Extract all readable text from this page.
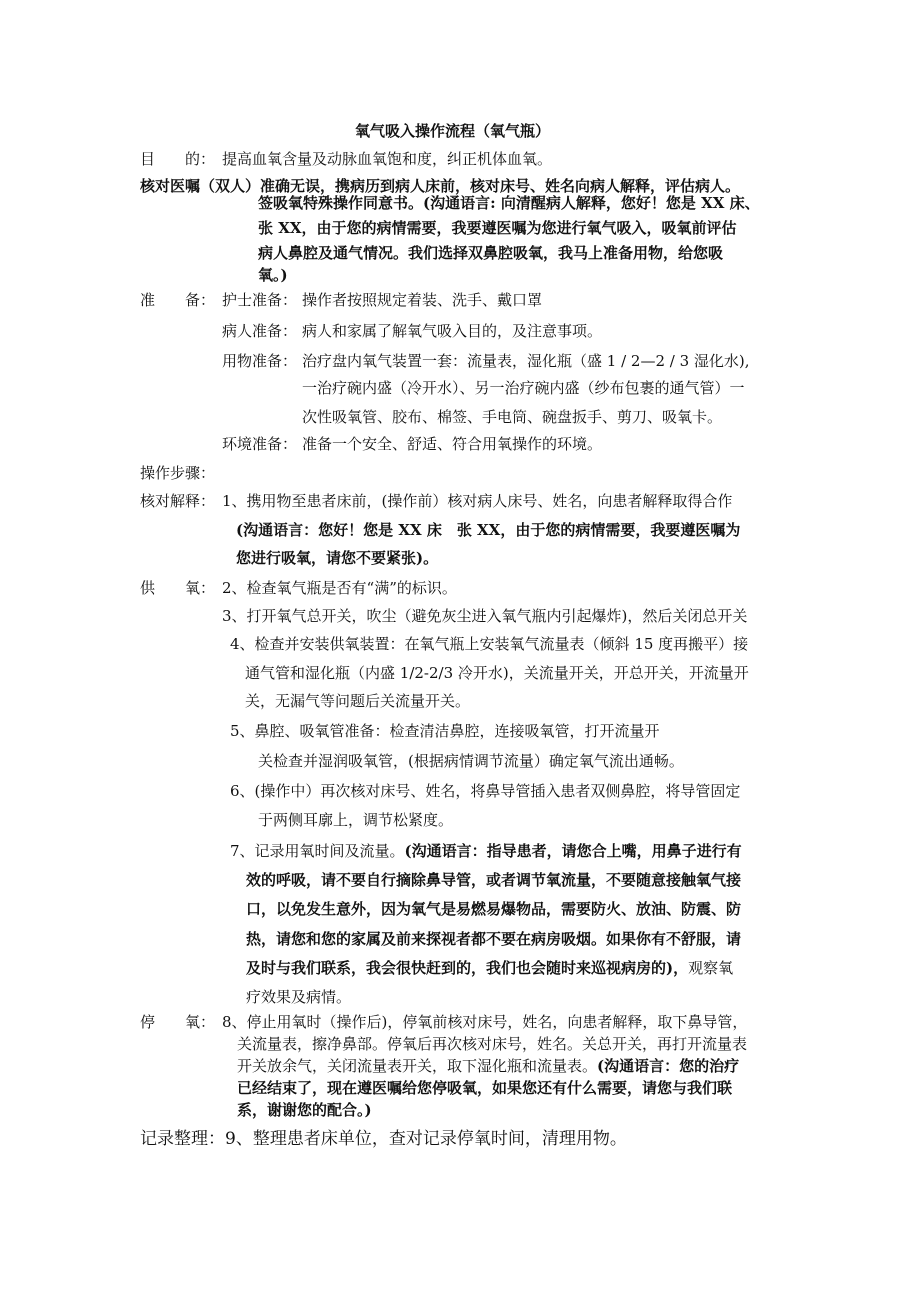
氧气吸入操作流程（氧气瓶）
目　　的： 提高血氧含量及动脉血氧饱和度，纠正机体血氧。
核对医嘱（双人）准确无误，携病历到病人床前，核对床号、姓名向病人解释，评估病人。
签吸氧特殊操作同意书。(沟通语言: 向清醒病人解释，您好！您是 XX 床、
张 XX，由于您的病情需要，我要遵医嘱为您进行氧气吸入，吸氧前评估
病人鼻腔及通气情况。我们选择双鼻腔吸氧，我马上准备用物，给您吸
氧。)
准　　备： 护士准备： 操作者按照规定着装、洗手、戴口罩
病人准备： 病人和家属了解氧气吸入目的，及注意事项。
用物准备： 治疗盘内氧气装置一套：流量表，湿化瓶（盛 1 / 2—2 / 3 湿化水),
一治疗碗内盛（冷开水）、另一治疗碗内盛（纱布包裹的通气管）一
次性吸氧管、胶布、棉签、手电筒、碗盘扳手、剪刀、吸氧卡。
环境准备： 准备一个安全、舒适、符合用氧操作的环境。
操作步骤：
核对解释： 1、携用物至患者床前，(操作前）核对病人床号、姓名，向患者解释取得合作
(沟通语言：您好！您是 XX 床　张 XX，由于您的病情需要，我要遵医嘱为
您进行吸氧，请您不要紧张)。
供　　氧： 2、检查氧气瓶是否有“满”的标识。
3、打开氧气总开关，吹尘（避免灰尘进入氧气瓶内引起爆炸)，然后关闭总开关
4、检查并安装供氧装置：在氧气瓶上安装氧气流量表（倾斜 15 度再搬平）接
通气管和湿化瓶（内盛 1/2-2/3 冷开水)，关流量开关，开总开关，开流量开
关，无漏气等问题后关流量开关。
5、鼻腔、吸氧管准备：检查清洁鼻腔，连接吸氧管，打开流量开
关检查并湿润吸氧管，(根据病情调节流量）确定氧气流出通畅。
6、(操作中）再次核对床号、姓名，将鼻导管插入患者双侧鼻腔，将导管固定
于两侧耳廓上，调节松紧度。
7、记录用氧时间及流量。(沟通语言：指导患者，请您合上嘴，用鼻子进行有
效的呼吸，请不要自行摘除鼻导管，或者调节氧流量，不要随意接触氧气接
口，以免发生意外，因为氧气是易燃易爆物品，需要防火、放油、防震、防
热，请您和您的家属及前来探视者都不要在病房吸烟。如果你有不舒服，请
及时与我们联系，我会很快赶到的，我们也会随时来巡视病房的)，观察氧
疗效果及病情。
停　　氧： 8、停止用氧时（操作后)，停氧前核对床号，姓名，向患者解释，取下鼻导管，
关流量表，擦净鼻部。停氧后再次核对床号，姓名。关总开关，再打开流量表
开关放余气，关闭流量表开关，取下湿化瓶和流量表。(沟通语言：您的治疗
已经结束了，现在遵医嘱给您停吸氧，如果您还有什么需要，请您与我们联
系，谢谢您的配合。)
记录整理：9、整理患者床单位，查对记录停氧时间，清理用物。
